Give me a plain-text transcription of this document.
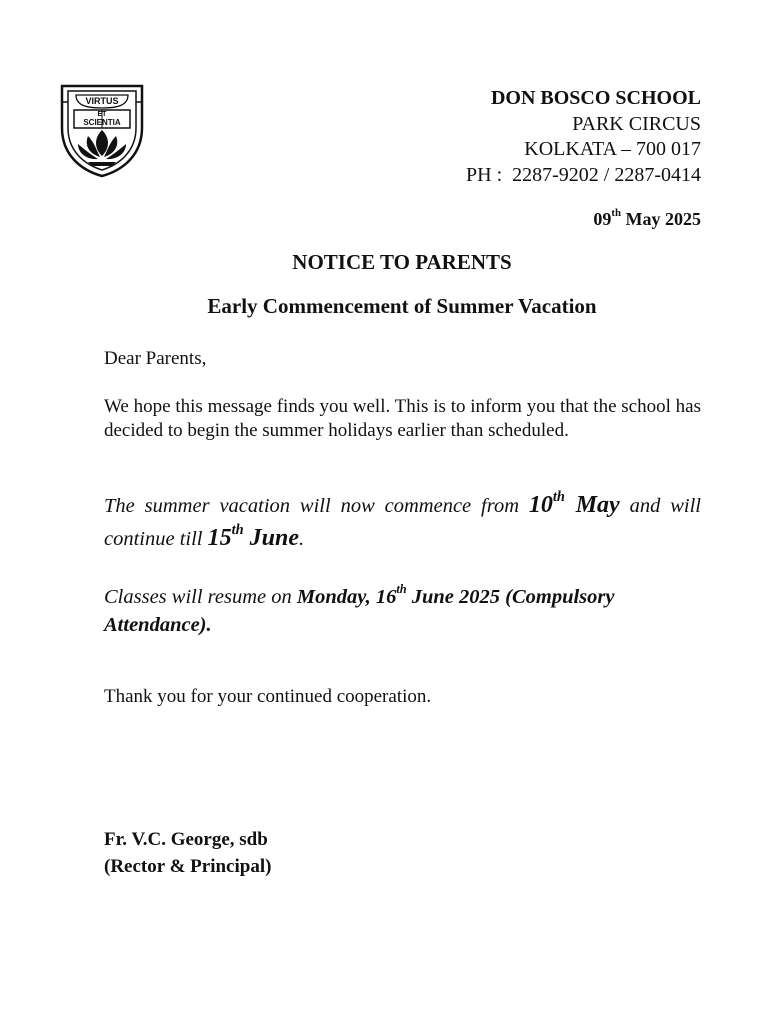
VIRTUS
ET
SCIENTIA
DON BOSCO SCHOOL
PARK CIRCUS
KOLKATA – 700 017
PH :  2287-9202 / 2287-0414
09th May 2025
NOTICE TO PARENTS
Early Commencement of Summer Vacation
Dear Parents,
We hope this message finds you well. This is to inform you that the school has decided to begin the summer holidays earlier than scheduled.
The summer vacation will now commence from 10th May and will continue till 15th June.
Classes will resume on Monday, 16th June 2025 (Compulsory Attendance).
Thank you for your continued cooperation.
Fr. V.C. George, sdb
(Rector & Principal)
